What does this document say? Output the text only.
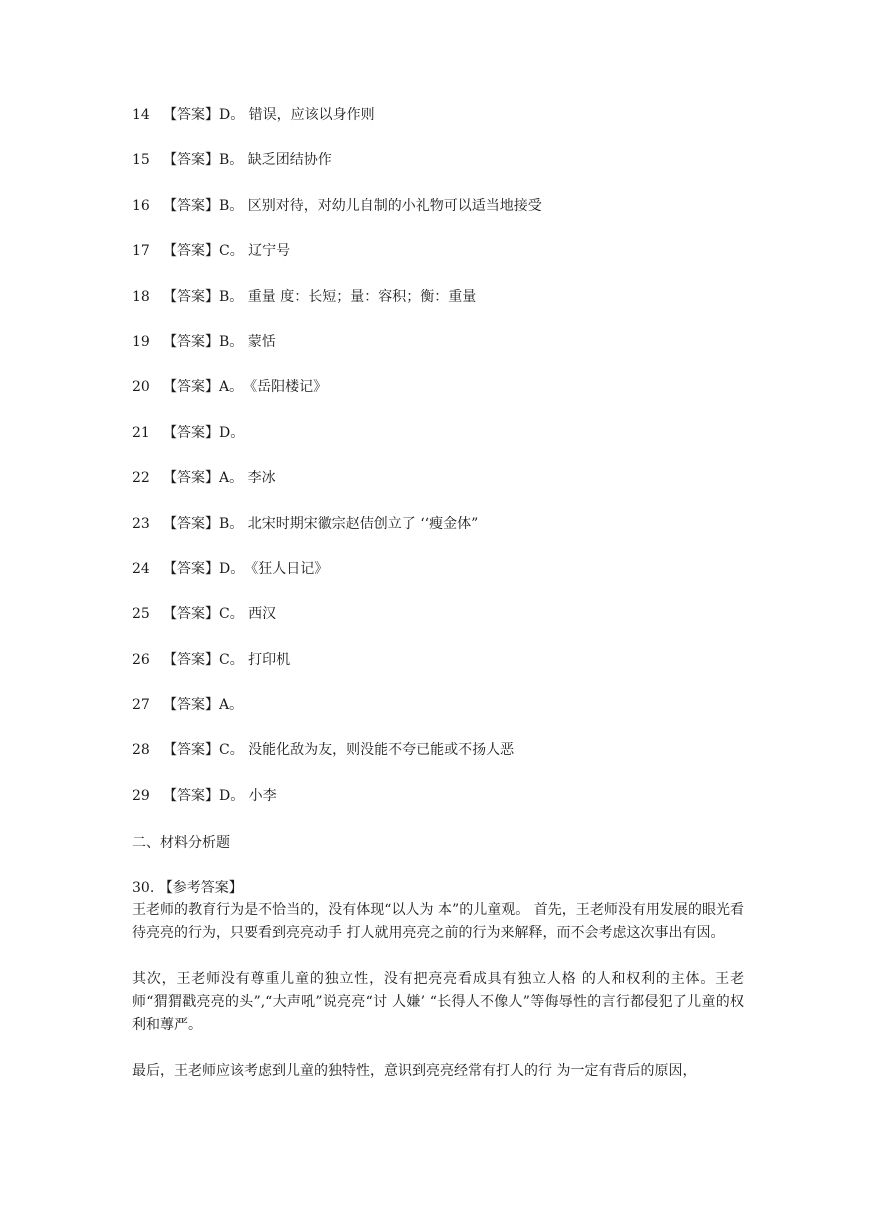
14 【答案】D。 错误，应该以身作则
15 【答案】B。 缺乏团结协作
16 【答案】B。 区别对待，对幼儿自制的小礼物可以适当地接受
17 【答案】C。 辽宁号
18 【答案】B。 重量 度：长短；量：容积；衡：重量
19 【答案】B。 蒙恬
20 【答案】A。 《岳阳楼记》
21 【答案】D。
22 【答案】A。 李冰
23 【答案】B。 北宋时期宋徽宗赵佶创立了 ‘‘瘦金体”
24 【答案】D。 《狂人日记》
25 【答案】C。 西汉
26 【答案】C。 打印机
27 【答案】A。
28 【答案】C。 没能化敌为友，则没能不夸已能或不扬人恶
29 【答案】D。 小李
二、材料分析题

30. 【参考答案】

王老师的教育行为是不恰当的，没有体现“以人为 本”的儿童观。 首先，王老师没有用发展的眼光看待亮亮的行为，只要看到亮亮动手 打人就用亮亮之前的行为来解释，而不会考虑这次事出有因。

其次，王老师没有尊重儿童的独立性，没有把亮亮看成具有独立人格 的人和权利的主体。王老师“猬猬戳亮亮的头”,“大声吼”说亮亮“讨 人嫌’ “长得人不像人”等侮辱性的言行都侵犯了儿童的权利和蓴严。

最后，王老师应该考虑到儿童的独特性，意识到亮亮经常有打人的行 为一定有背后的原因，
